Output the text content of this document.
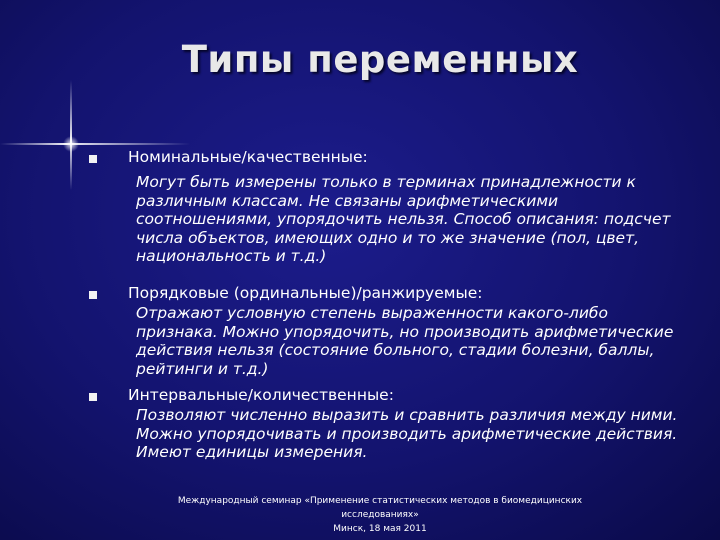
Типы переменных
Номинальные/качественные:
Могут быть измерены только в терминах принадлежности к различным классам. Не связаны арифметическими соотношениями, упорядочить нельзя. Способ описания: подсчет числа объектов, имеющих одно и то же значение (пол, цвет, национальность и т.д.)
Порядковые (ординальные)/ранжируемые:
Отражают условную степень выраженности какого-либо признака. Можно упорядочить, но производить арифметические действия нельзя (состояние больного, стадии болезни, баллы, рейтинги и т.д.)
Интервальные/количественные:
Позволяют численно выразить и сравнить различия между ними. Можно упорядочивать и производить арифметические действия. Имеют единицы измерения.
Международный семинар «Применение статистических методов в биомедицинских исследованиях»
Минск, 18 мая 2011
